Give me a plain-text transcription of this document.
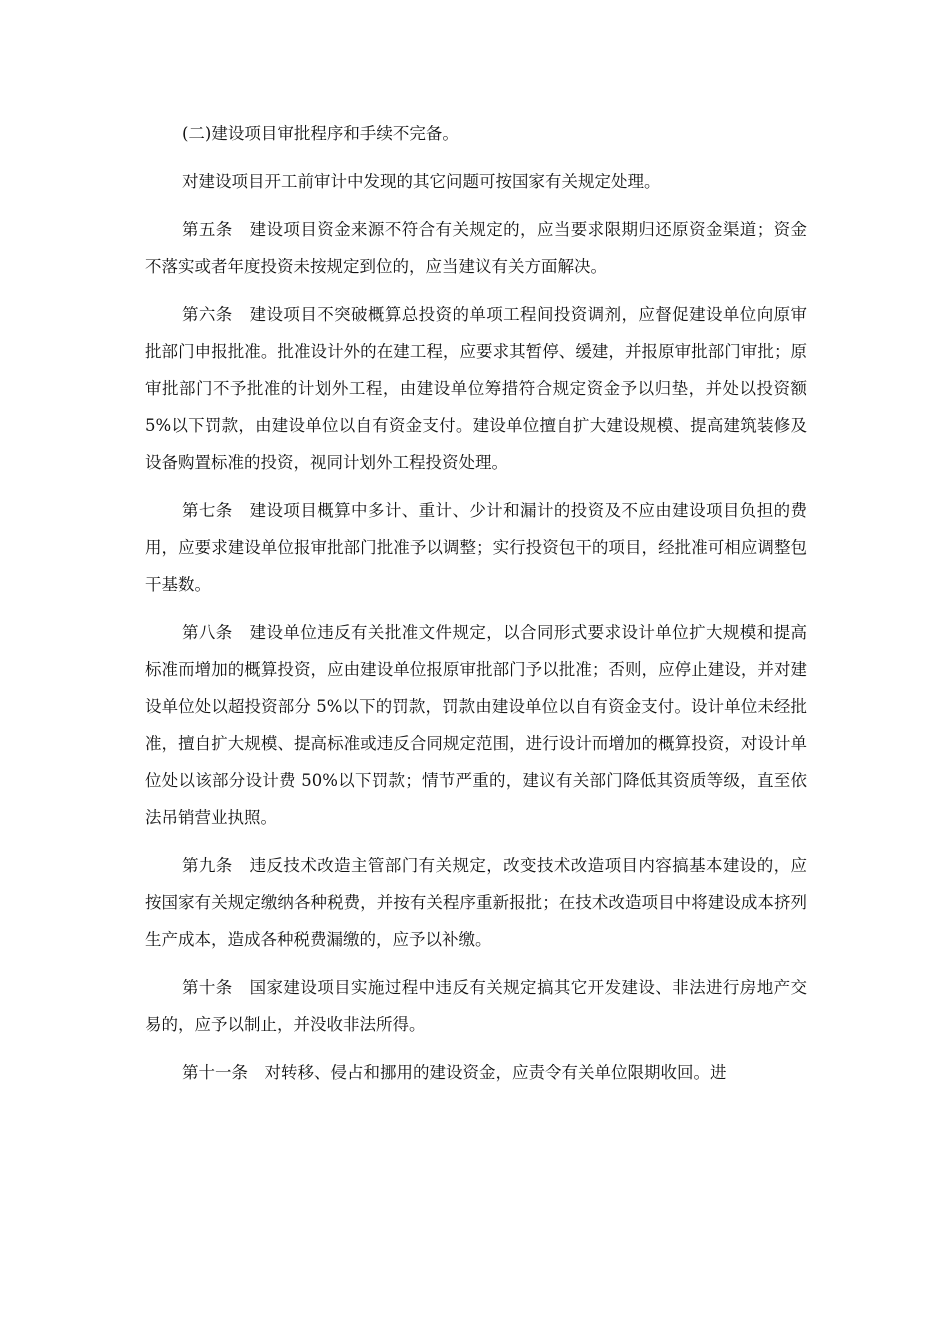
(二)建设项目审批程序和手续不完备。

对建设项目开工前审计中发现的其它问题可按国家有关规定处理。

第五条　建设项目资金来源不符合有关规定的，应当要求限期归还原资金渠道；资金不落实或者年度投资未按规定到位的，应当建议有关方面解决。

第六条　建设项目不突破概算总投资的单项工程间投资调剂，应督促建设单位向原审批部门申报批准。批准设计外的在建工程，应要求其暂停、缓建，并报原审批部门审批；原审批部门不予批准的计划外工程，由建设单位筹措符合规定资金予以归垫，并处以投资额 5%以下罚款，由建设单位以自有资金支付。建设单位擅自扩大建设规模、提高建筑装修及设备购置标准的投资，视同计划外工程投资处理。

第七条　建设项目概算中多计、重计、少计和漏计的投资及不应由建设项目负担的费用，应要求建设单位报审批部门批准予以调整；实行投资包干的项目，经批准可相应调整包干基数。

第八条　建设单位违反有关批准文件规定，以合同形式要求设计单位扩大规模和提高标准而增加的概算投资，应由建设单位报原审批部门予以批准；否则，应停止建设，并对建设单位处以超投资部分 5%以下的罚款，罚款由建设单位以自有资金支付。设计单位未经批准，擅自扩大规模、提高标准或违反合同规定范围，进行设计而增加的概算投资，对设计单位处以该部分设计费 50%以下罚款；情节严重的，建议有关部门降低其资质等级，直至依法吊销营业执照。

第九条　违反技术改造主管部门有关规定，改变技术改造项目内容搞基本建设的，应按国家有关规定缴纳各种税费，并按有关程序重新报批；在技术改造项目中将建设成本挤列生产成本，造成各种税费漏缴的，应予以补缴。

第十条　国家建设项目实施过程中违反有关规定搞其它开发建设、非法进行房地产交易的，应予以制止，并没收非法所得。

第十一条　对转移、侵占和挪用的建设资金，应责令有关单位限期收回。进
